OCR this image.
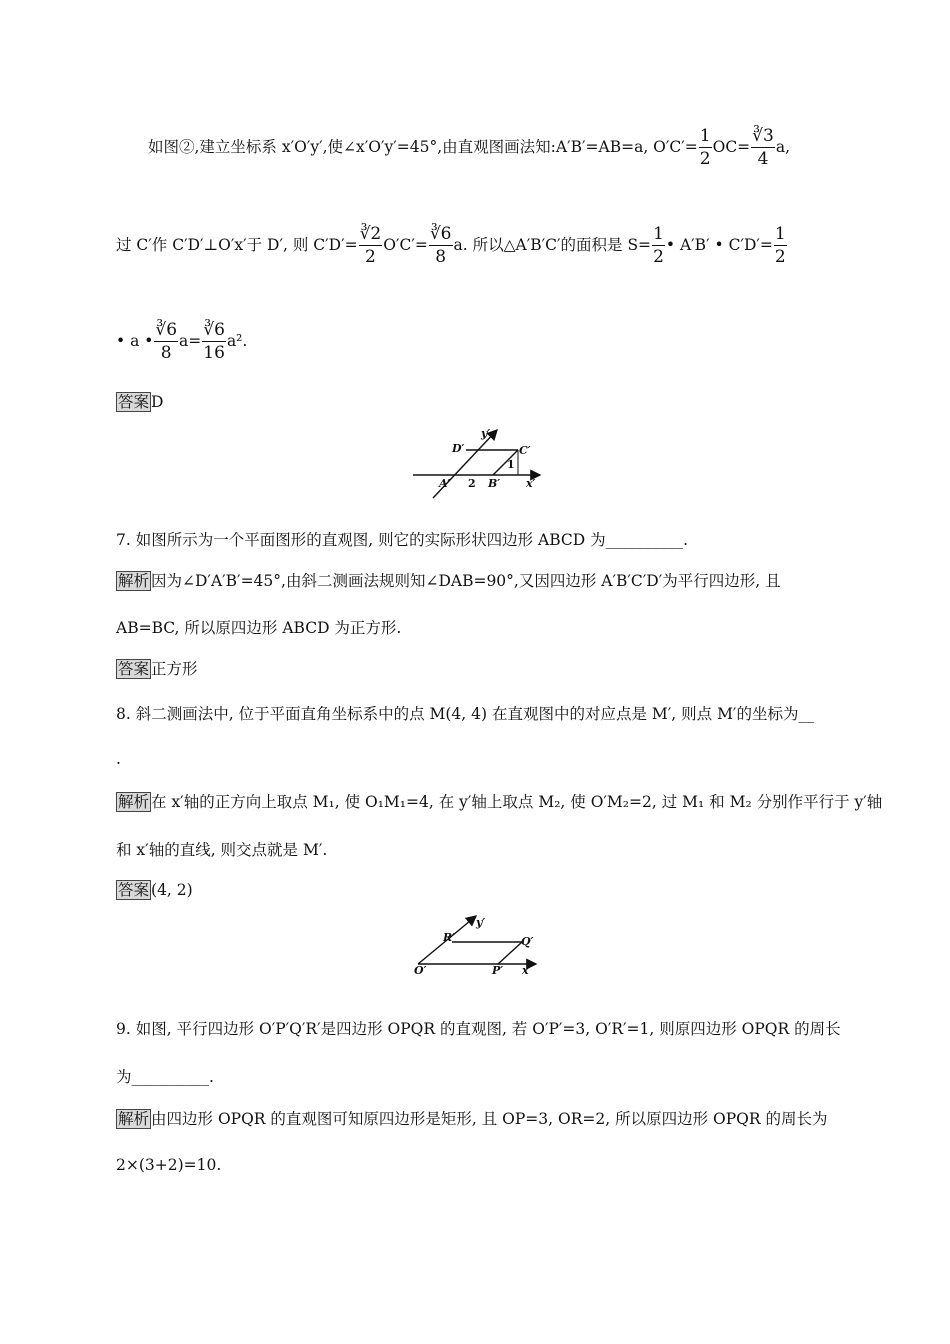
如图②,建立坐标系 x′O′y′,使∠x′O′y′=45°,由直观图画法知:A′B′=AB=a, $O'C'= \frac{1}{2} OC= \frac{∛3}{4} a$,
过 C′作 C′D′⊥O′x′于 D′, 则 $C'D'= \frac{∛2}{2} O'C'= \frac{∛6}{8} a$. 所以△A′B′C′的面积是 $S= \frac{1}{2}$ • A′B′ • $C'D'= \frac{1}{2}$
• a • $\frac{∛6}{8} a= \frac{∛6}{16} a^2$.
答案 D
D′
y′
C′
1
A′ 2 B′ x′
7. 如图所示为一个平面图形的直观图, 则它的实际形状四边形 ABCD 为__________.
解析 因为∠D′A′B′=45°,由斜二测画法规则知∠DAB=90°,又因四边形 A′B′C′D′为平行四边形, 且
AB=BC, 所以原四边形 ABCD 为正方形.
答案 正方形
8. 斜二测画法中, 位于平面直角坐标系中的点 M(4, 4) 在直观图中的对应点是 M′, 则点 M′的坐标为__
.
解析 在 x′轴的正方向上取点 M₁, 使 O₁M₁=4, 在 y′轴上取点 M₂, 使 O′M₂=2, 过 M₁ 和 M₂ 分别作平行于 y′轴
和 x′轴的直线, 则交点就是 M′.
答案 (4, 2)
y′
R′	Q′
O′	P′ x′
9. 如图, 平行四边形 O′P′Q′R′是四边形 OPQR 的直观图, 若 O′P′=3, O′R′=1, 则原四边形 OPQR 的周长
为__________.
解析 由四边形 OPQR 的直观图可知原四边形是矩形, 且 OP=3, OR=2, 所以原四边形 OPQR 的周长为
2×(3+2)=10.
